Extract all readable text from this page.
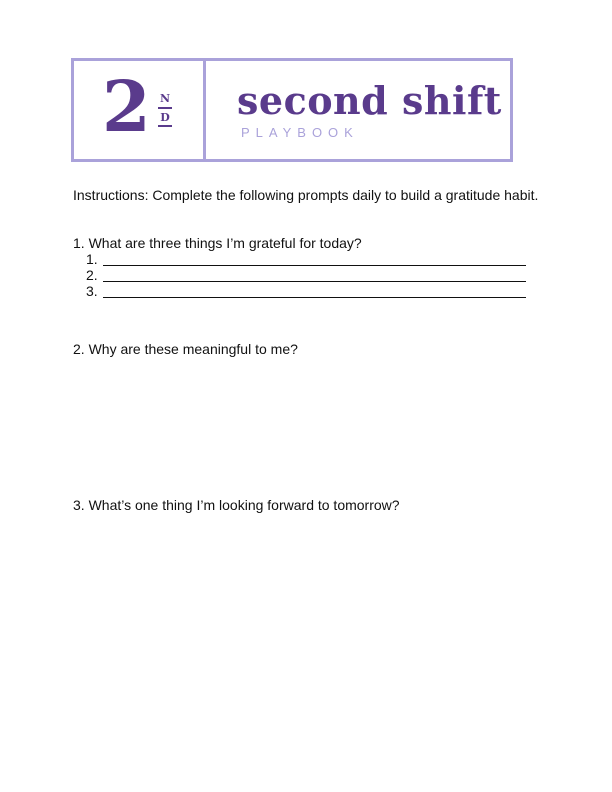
2 N
D second shift
PLAYBOOK
Instructions: Complete the following prompts daily to build a gratitude habit.
1. What are three things I’m grateful for today?
1.
2.
3.
2. Why are these meaningful to me?
3. What’s one thing I’m looking forward to tomorrow?
